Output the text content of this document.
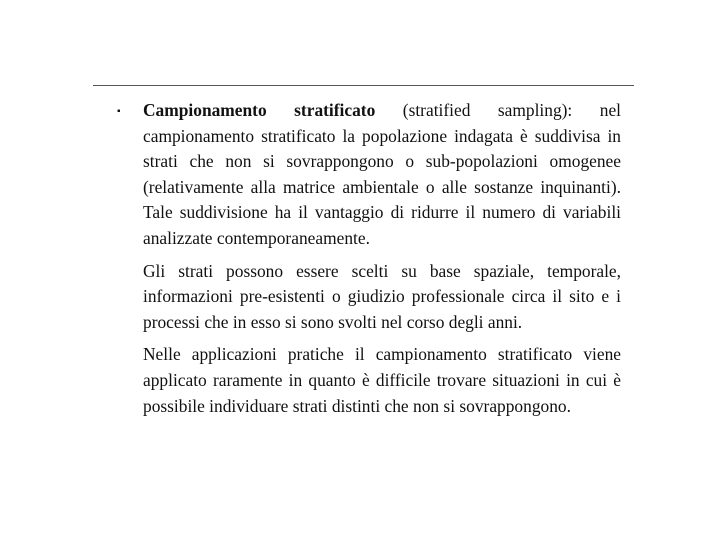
▪	Campionamento stratificato (stratified sampling): nel campionamento stratificato la popolazione indagata è suddivisa in strati che non si sovrappongono o sub-popolazioni omogenee (relativamente alla matrice ambientale o alle sostanze inquinanti). Tale suddivisione ha il vantaggio di ridurre il numero di variabili analizzate contemporaneamente.

Gli strati possono essere scelti su base spaziale, temporale, informazioni pre-esistenti o giudizio professionale circa il sito e i processi che in esso si sono svolti nel corso degli anni.

Nelle applicazioni pratiche il campionamento stratificato viene applicato raramente in quanto è difficile trovare situazioni in cui è possibile individuare strati distinti che non si sovrappongono.
